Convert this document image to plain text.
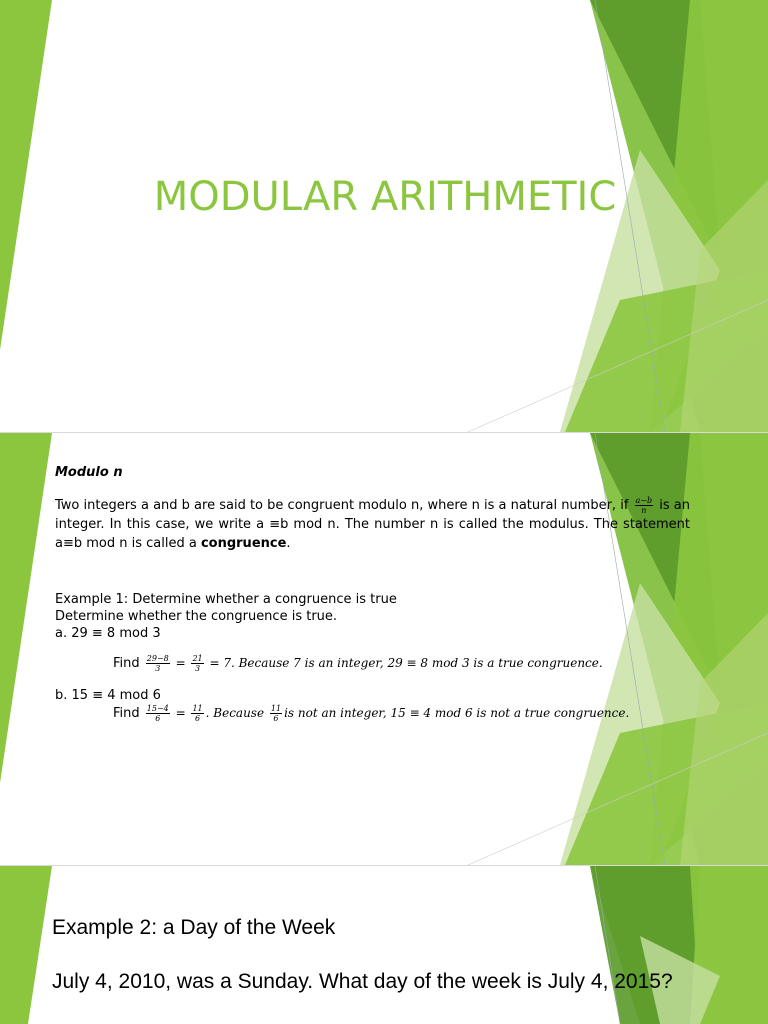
MODULAR ARITHMETIC
Modulo n
Two integers a and b are said to be congruent modulo n, where n is a natural number, if $\frac{a-b}{n}$ is an integer. In this case, we write a ≡b mod n. The number n is called the modulus. The statement a≡b mod n is called a congruence.
Example 1: Determine whether a congruence is true
Determine whether the congruence is true.
a. 29 ≡ 8 mod 3
Find $\frac{29-8}{3} = \frac{21}{3} = 7$. Because 7 is an integer, 29 ≡ 8 mod 3 is a true congruence.
b. 15 ≡ 4 mod 6
Find $\frac{15-4}{6} = \frac{11}{6}$ . Because $\frac{11}{6}$ is not an integer, 15 ≡ 4 mod 6 is not a true congruence.
Example 2: a Day of the Week
July 4, 2010, was a Sunday. What day of the week is July 4, 2015?
